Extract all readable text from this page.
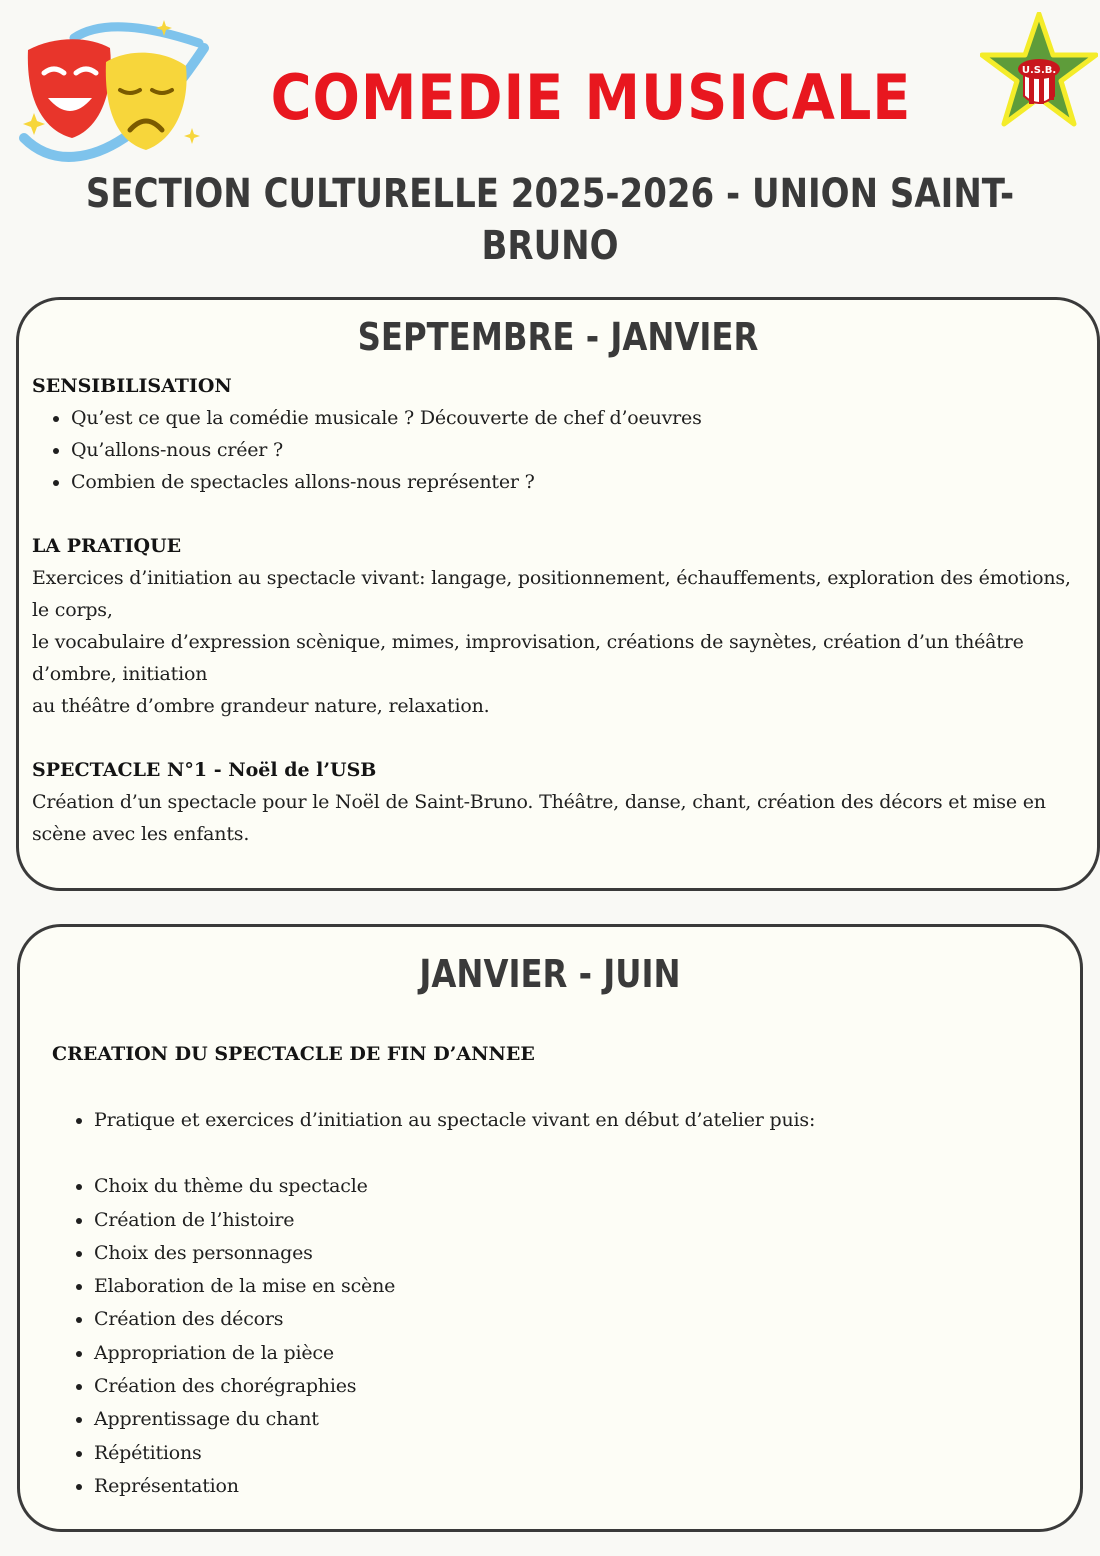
U.S.B.
COMEDIE MUSICALE
SECTION CULTURELLE 2025-2026 - UNION SAINT-BRUNO
SEPTEMBRE - JANVIER

SENSIBILISATION

• Qu’est ce que la comédie musicale ? Découverte de chef d’oeuvres
• Qu’allons-nous créer ?
• Combien de spectacles allons-nous représenter ?

LA PRATIQUE

Exercices d’initiation au spectacle vivant: langage, positionnement, échauffements, exploration des émotions, le corps,

le vocabulaire d’expression scènique, mimes, improvisation, créations de saynètes, création d’un théâtre d’ombre, initiation

au théâtre d’ombre grandeur nature, relaxation.

SPECTACLE N°1 - Noël de l’USB

Création d’un spectacle pour le Noël de Saint-Bruno. Théâtre, danse, chant, création des décors et mise en scène avec les enfants.

JANVIER - JUIN

CREATION DU SPECTACLE DE FIN D’ANNEE

• Pratique et exercices d’initiation au spectacle vivant en début d’atelier puis:
• Choix du thème du spectacle
• Création de l’histoire
• Choix des personnages
• Elaboration de la mise en scène
• Création des décors
• Appropriation de la pièce
• Création des chorégraphies
• Apprentissage du chant
• Répétitions
• Représentation
